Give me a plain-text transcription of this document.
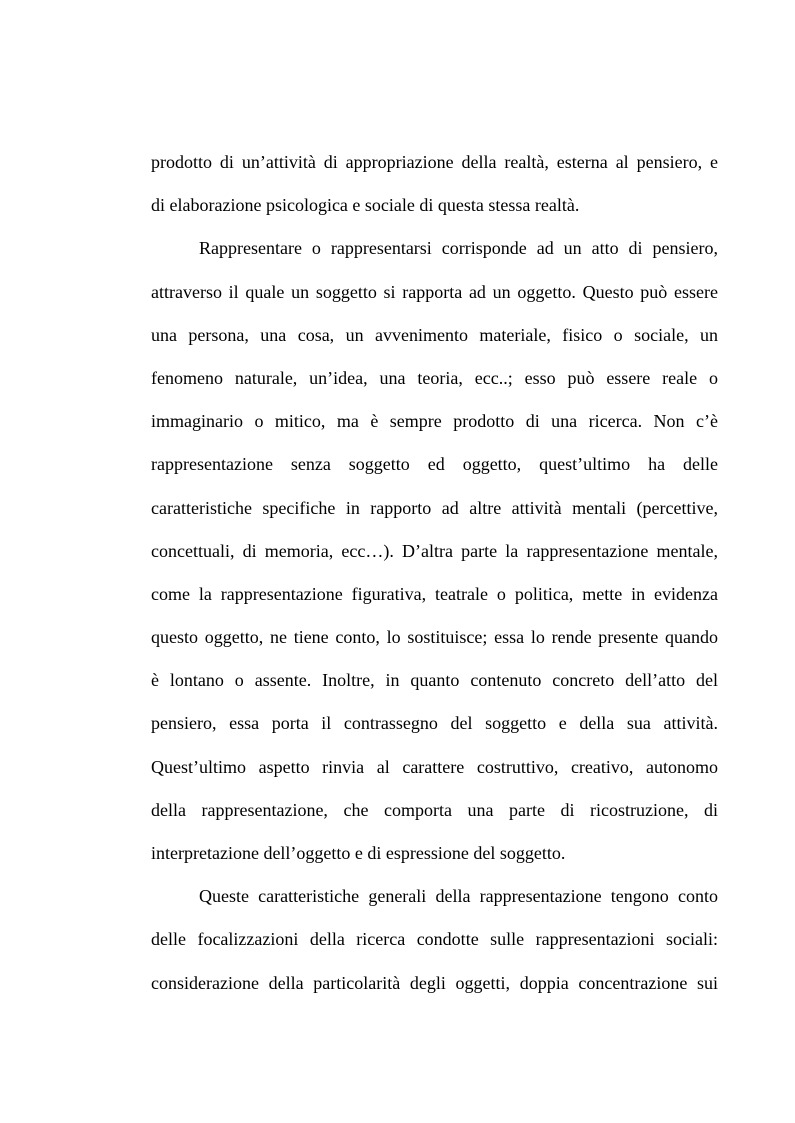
prodotto di un’attività di appropriazione della realtà, esterna al pensiero, e
di elaborazione psicologica e sociale di questa stessa realtà.
Rappresentare o rappresentarsi corrisponde ad un atto di pensiero,
attraverso il quale un soggetto si rapporta ad un oggetto. Questo può essere
una persona, una cosa, un avvenimento materiale, fisico o sociale, un
fenomeno naturale, un’idea, una teoria, ecc..; esso può essere reale o
immaginario o mitico, ma è sempre prodotto di una ricerca. Non c’è
rappresentazione senza soggetto ed oggetto, quest’ultimo ha delle
caratteristiche specifiche in rapporto ad altre attività mentali (percettive,
concettuali, di memoria, ecc…). D’altra parte la rappresentazione mentale,
come la rappresentazione figurativa, teatrale o politica, mette in evidenza
questo oggetto, ne tiene conto, lo sostituisce; essa lo rende presente quando
è lontano o assente. Inoltre, in quanto contenuto concreto dell’atto del
pensiero, essa porta il contrassegno del soggetto e della sua attività.
Quest’ultimo aspetto rinvia al carattere costruttivo, creativo, autonomo
della rappresentazione, che comporta una parte di ricostruzione, di
interpretazione dell’oggetto e di espressione del soggetto.
Queste caratteristiche generali della rappresentazione tengono conto
delle focalizzazioni della ricerca condotte sulle rappresentazioni sociali:
considerazione della particolarità degli oggetti, doppia concentrazione sui
